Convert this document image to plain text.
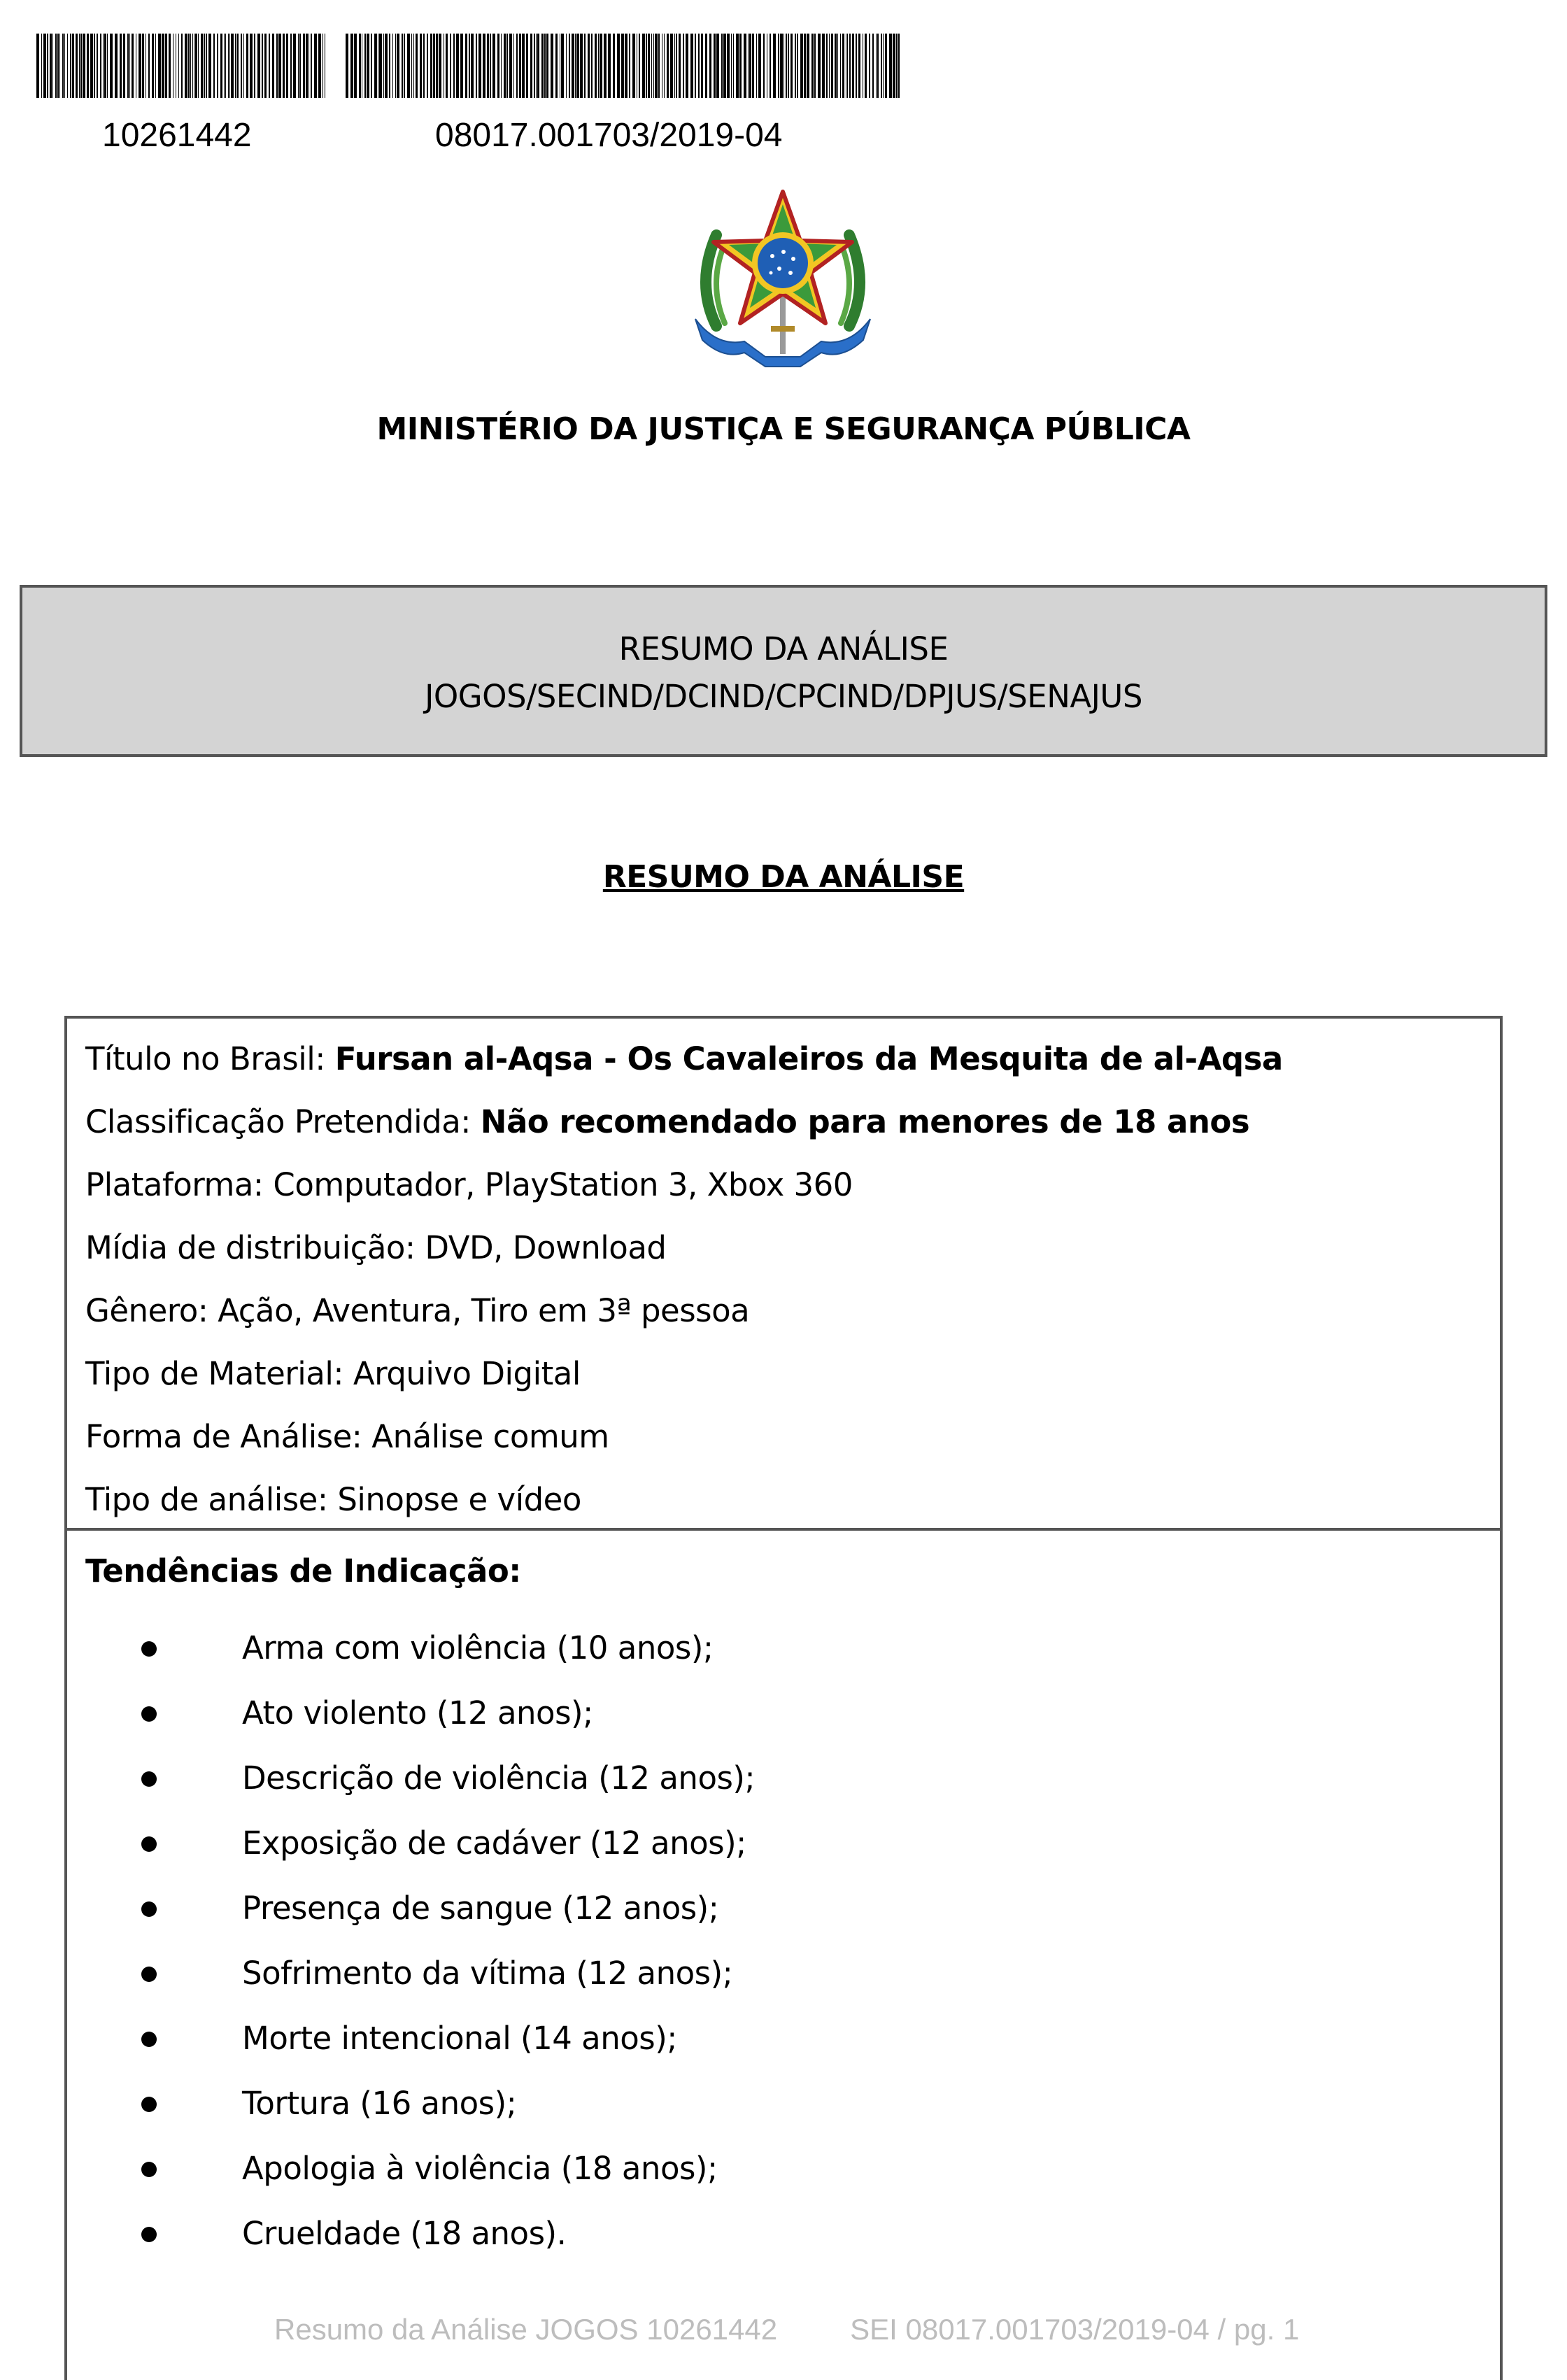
10261442	08017.001703/2019-04

MINISTÉRIO DA JUSTIÇA E SEGURANÇA PÚBLICA
RESUMO DA ANÁLISE
JOGOS/SECIND/DCIND/CPCIND/DPJUS/SENAJUS
RESUMO DA ANÁLISE
Título no Brasil: Fursan al-Aqsa - Os Cavaleiros da Mesquita de al-Aqsa
Classificação Pretendida: Não recomendado para menores de 18 anos
Plataforma: Computador, PlayStation 3, Xbox 360
Mídia de distribuição: DVD, Download
Gênero: Ação, Aventura, Tiro em 3ª pessoa
Tipo de Material: Arquivo Digital
Forma de Análise: Análise comum
Tipo de análise: Sinopse e vídeo
Tendências de Indicação:
Arma com violência (10 anos);
Ato violento (12 anos);
Descrição de violência (12 anos);
Exposição de cadáver (12 anos);
Presença de sangue (12 anos);
Sofrimento da vítima (12 anos);
Morte intencional (14 anos);
Tortura (16 anos);
Apologia à violência (18 anos);
Crueldade (18 anos).
Resumo da Análise JOGOS 10261442 SEI 08017.001703/2019-04 / pg. 1
